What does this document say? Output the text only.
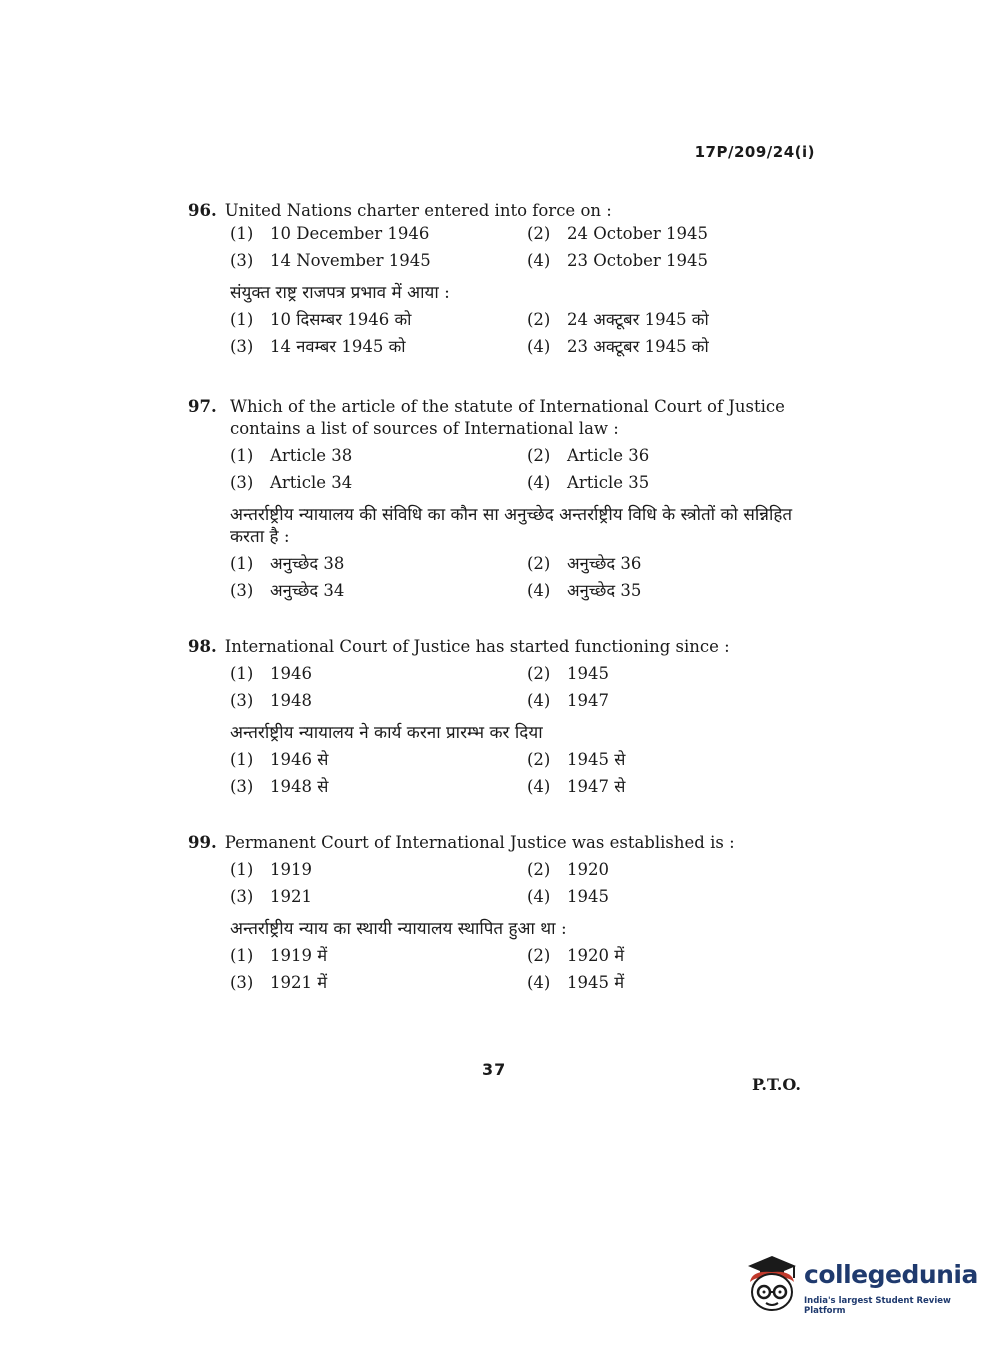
17P/209/24(i)

96. United Nations charter entered into force on :

(1) 10 December 1946	(2) 24 October 1945
(3) 14 November 1945	(4) 23 October 1945

संयुक्त राष्ट्र राजपत्र प्रभाव में आया :

(1) 10 दिसम्बर 1946 को	(2) 24 अक्टूबर 1945 को
(3) 14 नवम्बर 1945 को	(4) 23 अक्टूबर 1945 को

97. Which of the article of the statute of International Court of Justice contains a list of sources of International law :

(1) Article 38	(2) Article 36
(3) Article 34	(4) Article 35

अन्तर्राष्ट्रीय न्यायालय की संविधि का कौन सा अनुच्छेद अन्तर्राष्ट्रीय विधि के स्त्रोतों को सन्निहित करता है :

(1) अनुच्छेद 38	(2) अनुच्छेद 36
(3) अनुच्छेद 34	(4) अनुच्छेद 35

98. International Court of Justice has started functioning since :

(1) 1946	(2) 1945
(3) 1948	(4) 1947

अन्तर्राष्ट्रीय न्यायालय ने कार्य करना प्रारम्भ कर दिया

(1) 1946 से	(2) 1945 से
(3) 1948 से	(4) 1947 से

99. Permanent Court of International Justice was established is :

(1) 1919	(2) 1920
(3) 1921	(4) 1945

अन्तर्राष्ट्रीय न्याय का स्थायी न्यायालय स्थापित हुआ था :

(1) 1919 में	(2) 1920 में
(3) 1921 में	(4) 1945 में
37
P.T.O.
collegedunia
India's largest Student Review Platform
